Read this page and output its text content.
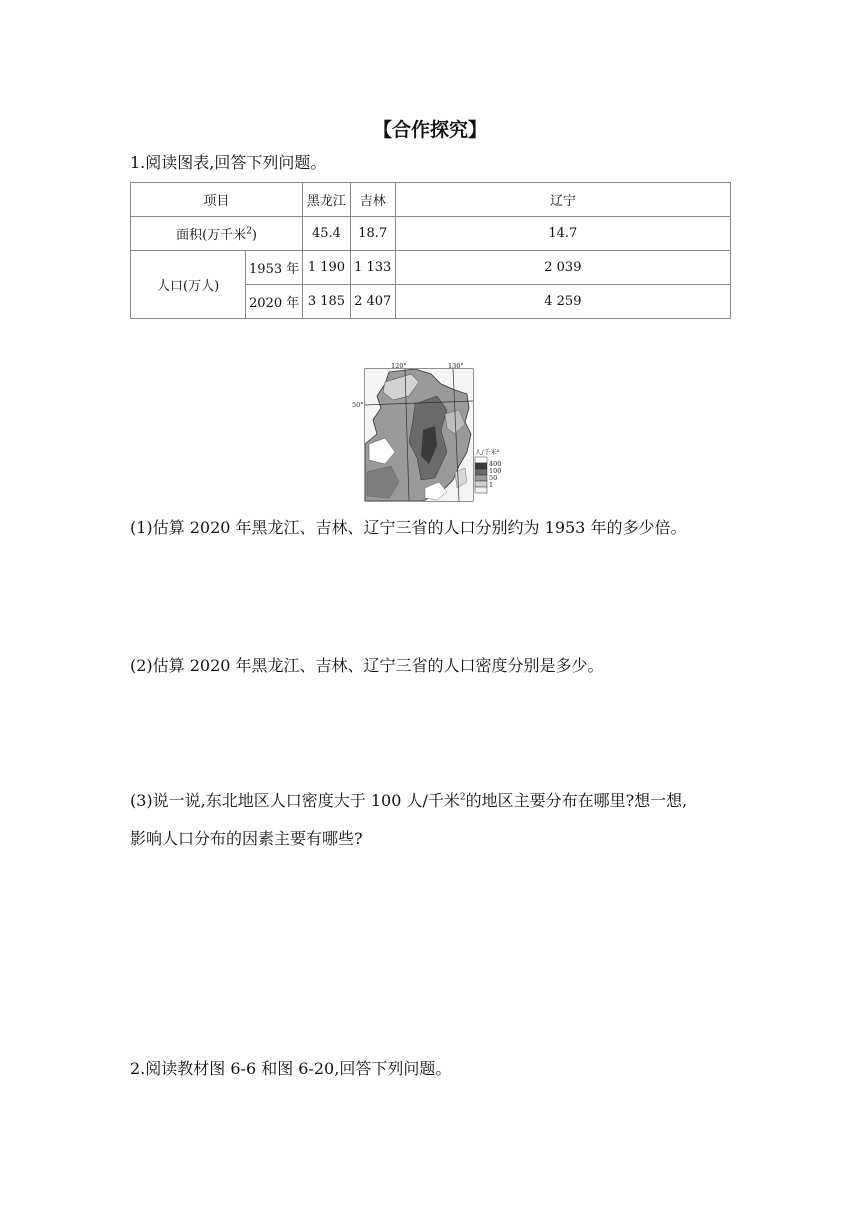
【合作探究】
1.阅读图表,回答下列问题。
项目		黑龙江	吉林	辽宁
面积(万千米$^2$)		45.4	18.7	14.7
人口(万人)	1953 年	1 190	1 133	2 039
	2020 年	3 185	2 407	4 259
120°	130°
50°
人/千米²
400
100
50
1
(1)估算 2020 年黑龙江、吉林、辽宁三省的人口分别约为 1953 年的多少倍。
(2)估算 2020 年黑龙江、吉林、辽宁三省的人口密度分别是多少。
(3)说一说,东北地区人口密度大于 100 人/千米$^2$的地区主要分布在哪里?想一想,
影响人口分布的因素主要有哪些?
2.阅读教材图 6-6 和图 6-20,回答下列问题。
